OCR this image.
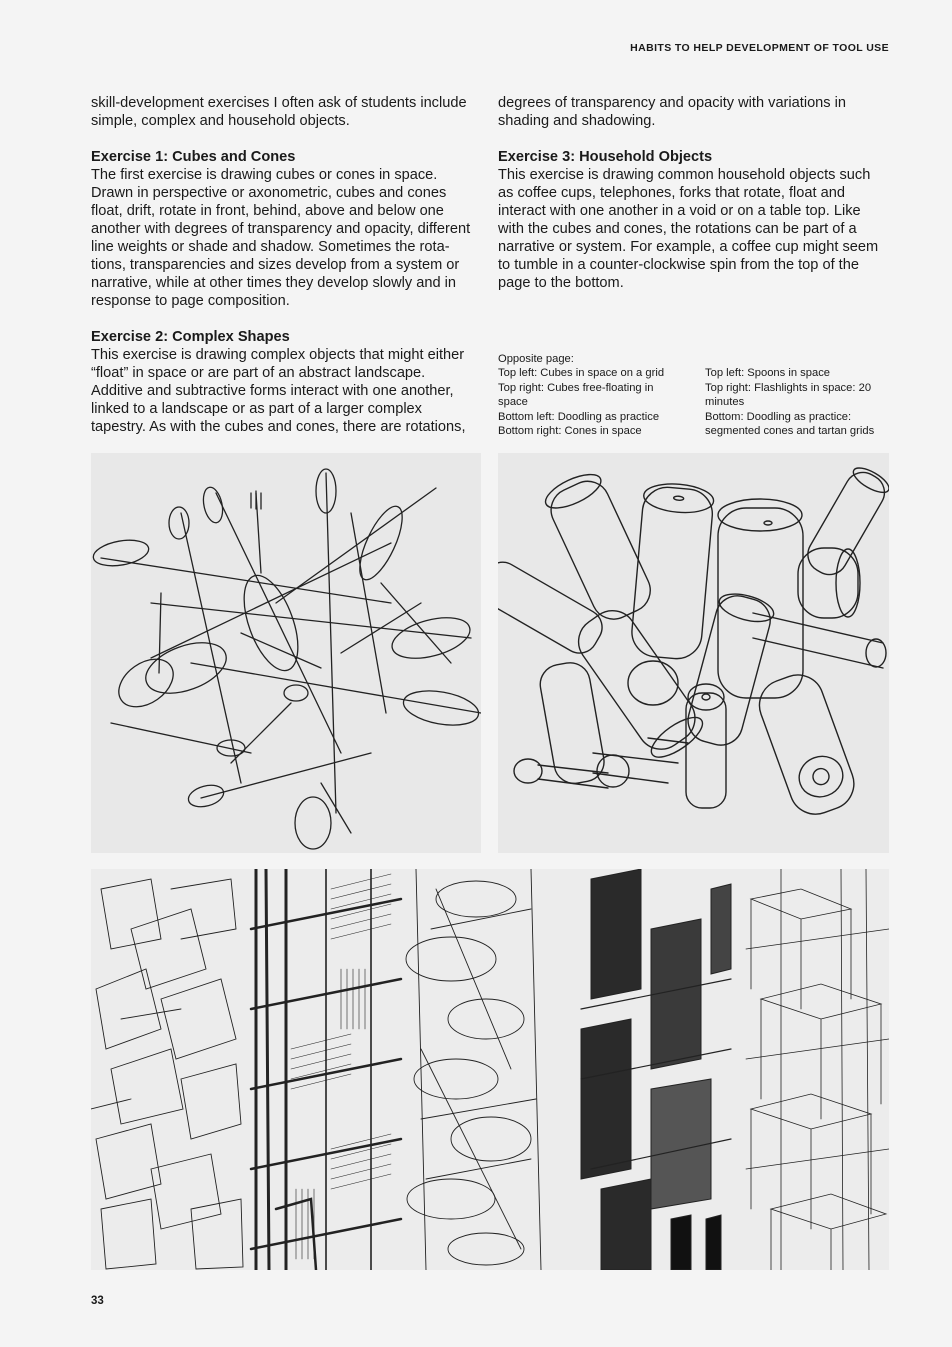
HABITS TO HELP DEVELOPMENT OF TOOL USE

skill-development exercises I often ask of students include simple, complex and household objects.

Exercise 1: Cubes and Cones

The first exercise is drawing cubes or cones in space. Drawn in perspective or axonometric, cubes and cones float, drift, rotate in front, behind, above and below one another with degrees of transparency and opacity, different line weights or shade and shadow. Sometimes the rota-tions, transparencies and sizes develop from a system or narrative, while at other times they develop slowly and in response to page composition.

Exercise 2: Complex Shapes

This exercise is drawing complex objects that might either “float” in space or are part of an abstract landscape. Additive and subtractive forms interact with one another, linked to a landscape or as part of a larger complex tapestry. As with the cubes and cones, there are rotations,

degrees of transparency and opacity with variations in shading and shadowing.

Exercise 3: Household Objects

This exercise is drawing common household objects such as coffee cups, telephones, forks that rotate, float and interact with one another in a void or on a table top. Like with the cubes and cones, the rotations can be part of a narrative or system. For example, a coffee cup might seem to tumble in a counter-clockwise spin from the top of the page to the bottom.

Opposite page:
Top left: Cubes in space on a grid
Top right: Cubes free-floating in space
Bottom left: Doodling as practice
Bottom right: Cones in space
Top left: Spoons in space
Top right: Flashlights in space: 20 minutes
Bottom: Doodling as practice: segmented cones and tartan grids
33
